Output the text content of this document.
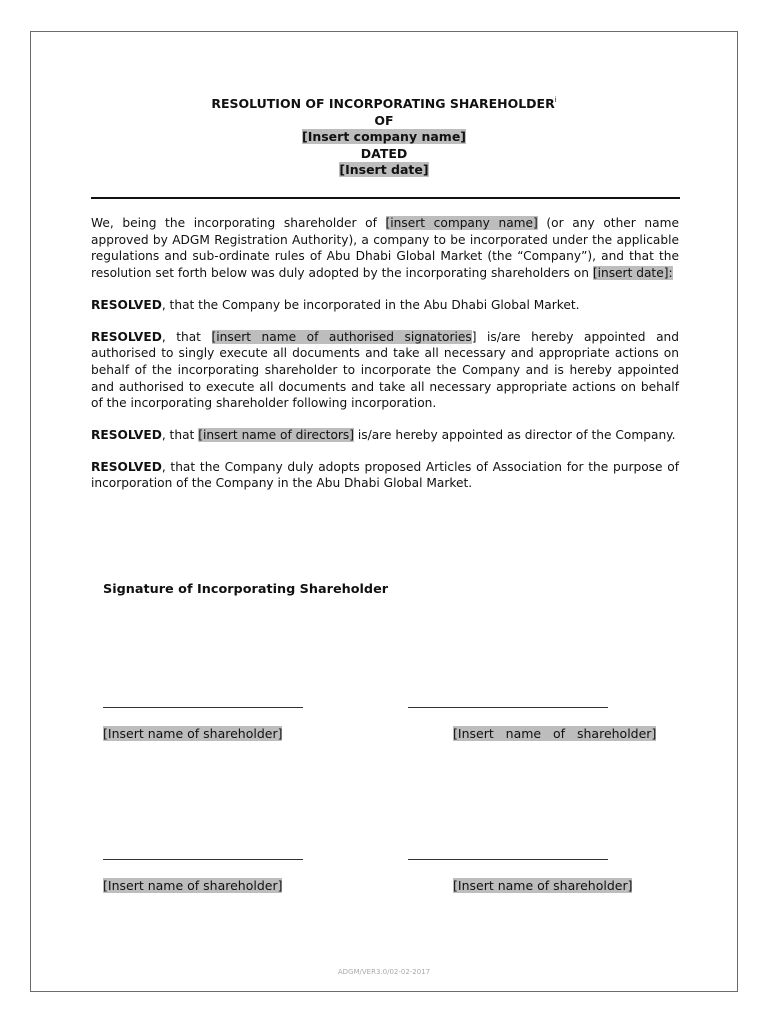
RESOLUTION OF INCORPORATING SHAREHOLDER$^i$
OF
[Insert company name]
DATED
[Insert date]

We, being the incorporating shareholder of [insert company name] (or any other name approved by ADGM Registration Authority), a company to be incorporated under the applicable regulations and sub-ordinate rules of Abu Dhabi Global Market (the “Company”), and that the resolution set forth below was duly adopted by the incorporating shareholders on [insert date]:

RESOLVED, that the Company be incorporated in the Abu Dhabi Global Market.

RESOLVED, that [insert name of authorised signatories] is/are hereby appointed and authorised to singly execute all documents and take all necessary and appropriate actions on behalf of the incorporating shareholder to incorporate the Company and is hereby appointed and authorised to execute all documents and take all necessary appropriate actions on behalf of the incorporating shareholder following incorporation.

RESOLVED, that [insert name of directors] is/are hereby appointed as director of the Company.

RESOLVED, that the Company duly adopts proposed Articles of Association for the purpose of incorporation of the Company in the Abu Dhabi Global Market.

Signature of Incorporating Shareholder
[Insert name of shareholder]	[Insert   name   of   shareholder]
[Insert name of shareholder]	[Insert name of shareholder]
ADGM/VER3.0/02-02-2017
